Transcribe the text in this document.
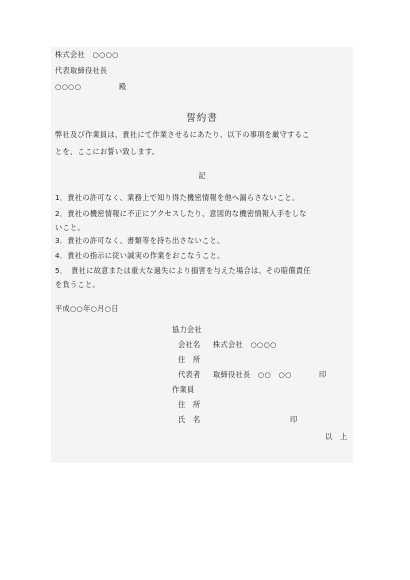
株式会社　○○○○
代表取締役社長
○○○○	殿
誓約書
弊社及び作業員は、貴社にて作業させるにあたり、以下の事項を厳守するこ
とを、ここにお誓い致します。
記
1．貴社の許可なく、業務上で知り得た機密情報を他へ漏らさないこと。
2．貴社の機密情報に不正にアクセスしたり、意図的な機密情報入手をしな
いこと。
3．貴社の許可なく、書類等を持ち出さないこと。
4．貴社の指示に従い誠実の作業をおこなうこと。
5．　貴社に故意または重大な過失により損害を与えた場合は、その賠償責任
を負うこと。
平成○○年○月○日
協力会社
会社名 株式会社　○○○○
住　所
代表者 取締役社長　○○　○○	印
作業員
住　所
氏　名	印
以　上
